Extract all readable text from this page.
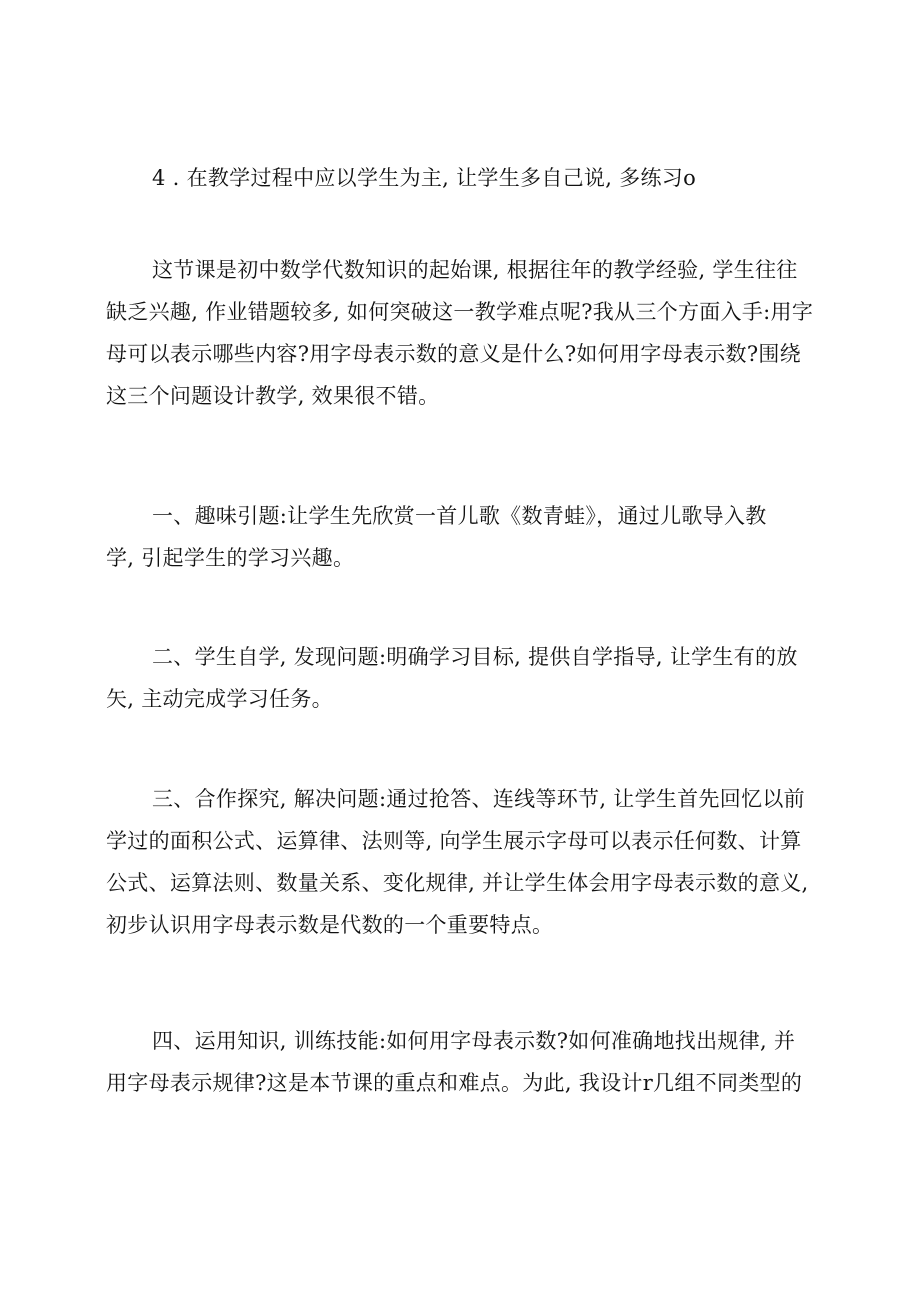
4 . 在教学过程中应以学生为主, 让学生多自己说, 多练习o

这节课是初中数学代数知识的起始课, 根据往年的教学经验, 学生往往
缺乏兴趣, 作业错题较多, 如何突破这一教学难点呢?我从三个方面入手:用字
母可以表示哪些内容?用字母表示数的意义是什么?如何用字母表示数?围绕
这三个问题设计教学, 效果很不错。

一、趣味引题:让学生先欣赏一首儿歌《数青蛙》，通过儿歌导入教
学, 引起学生的学习兴趣。

二、学生自学, 发现问题:明确学习目标, 提供自学指导, 让学生有的放
矢, 主动完成学习任务。

三、合作探究, 解决问题:通过抢答、连线等环节, 让学生首先回忆以前
学过的面积公式、运算律、法则等, 向学生展示字母可以表示任何数、计算
公式、运算法则、数量关系、变化规律, 并让学生体会用字母表示数的意义,
初步认识用字母表示数是代数的一个重要特点。

四、运用知识, 训练技能:如何用字母表示数?如何准确地找出规律, 并
用字母表示规律?这是本节课的重点和难点。为此, 我设计r几组不同类型的
